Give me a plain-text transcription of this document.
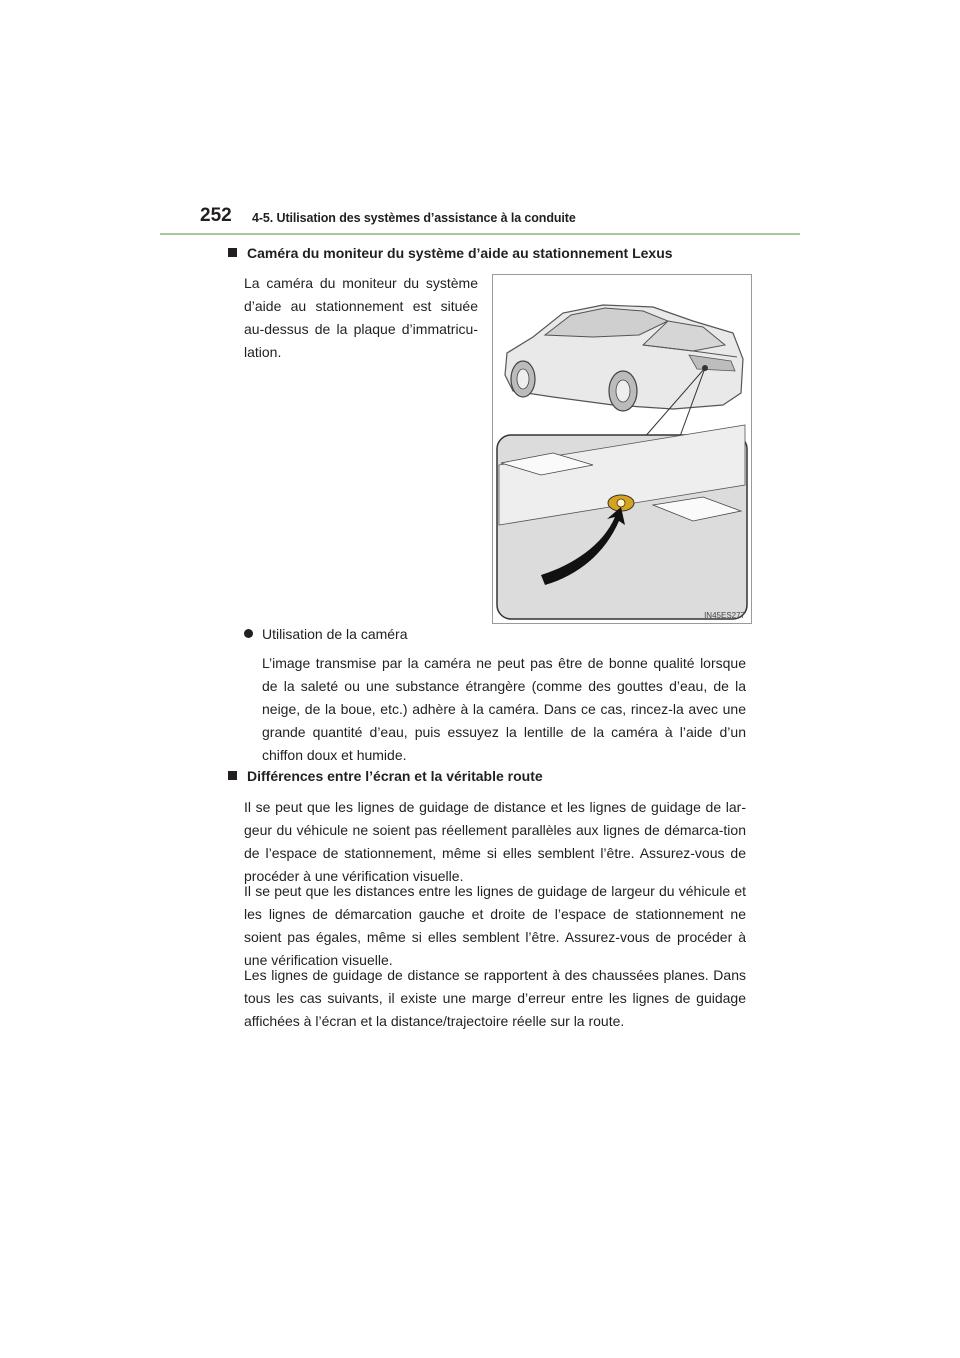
252 4-5. Utilisation des systèmes d’assistance à la conduite
Caméra du moniteur du système d’aide au stationnement Lexus
La caméra du moniteur du système d’aide au stationnement est située au-dessus de la plaque d’immatricu-lation.
IN45ES277
Utilisation de la caméra
L’image transmise par la caméra ne peut pas être de bonne qualité lorsque de la saleté ou une substance étrangère (comme des gouttes d’eau, de la neige, de la boue, etc.) adhère à la caméra. Dans ce cas, rincez-la avec une grande quantité d’eau, puis essuyez la lentille de la caméra à l’aide d’un chiffon doux et humide.
Différences entre l’écran et la véritable route
Il se peut que les lignes de guidage de distance et les lignes de guidage de lar-geur du véhicule ne soient pas réellement parallèles aux lignes de démarca-tion de l’espace de stationnement, même si elles semblent l’être. Assurez-vous de procéder à une vérification visuelle.
Il se peut que les distances entre les lignes de guidage de largeur du véhicule et les lignes de démarcation gauche et droite de l’espace de stationnement ne soient pas égales, même si elles semblent l’être. Assurez-vous de procéder à une vérification visuelle.
Les lignes de guidage de distance se rapportent à des chaussées planes. Dans tous les cas suivants, il existe une marge d’erreur entre les lignes de guidage affichées à l’écran et la distance/trajectoire réelle sur la route.
